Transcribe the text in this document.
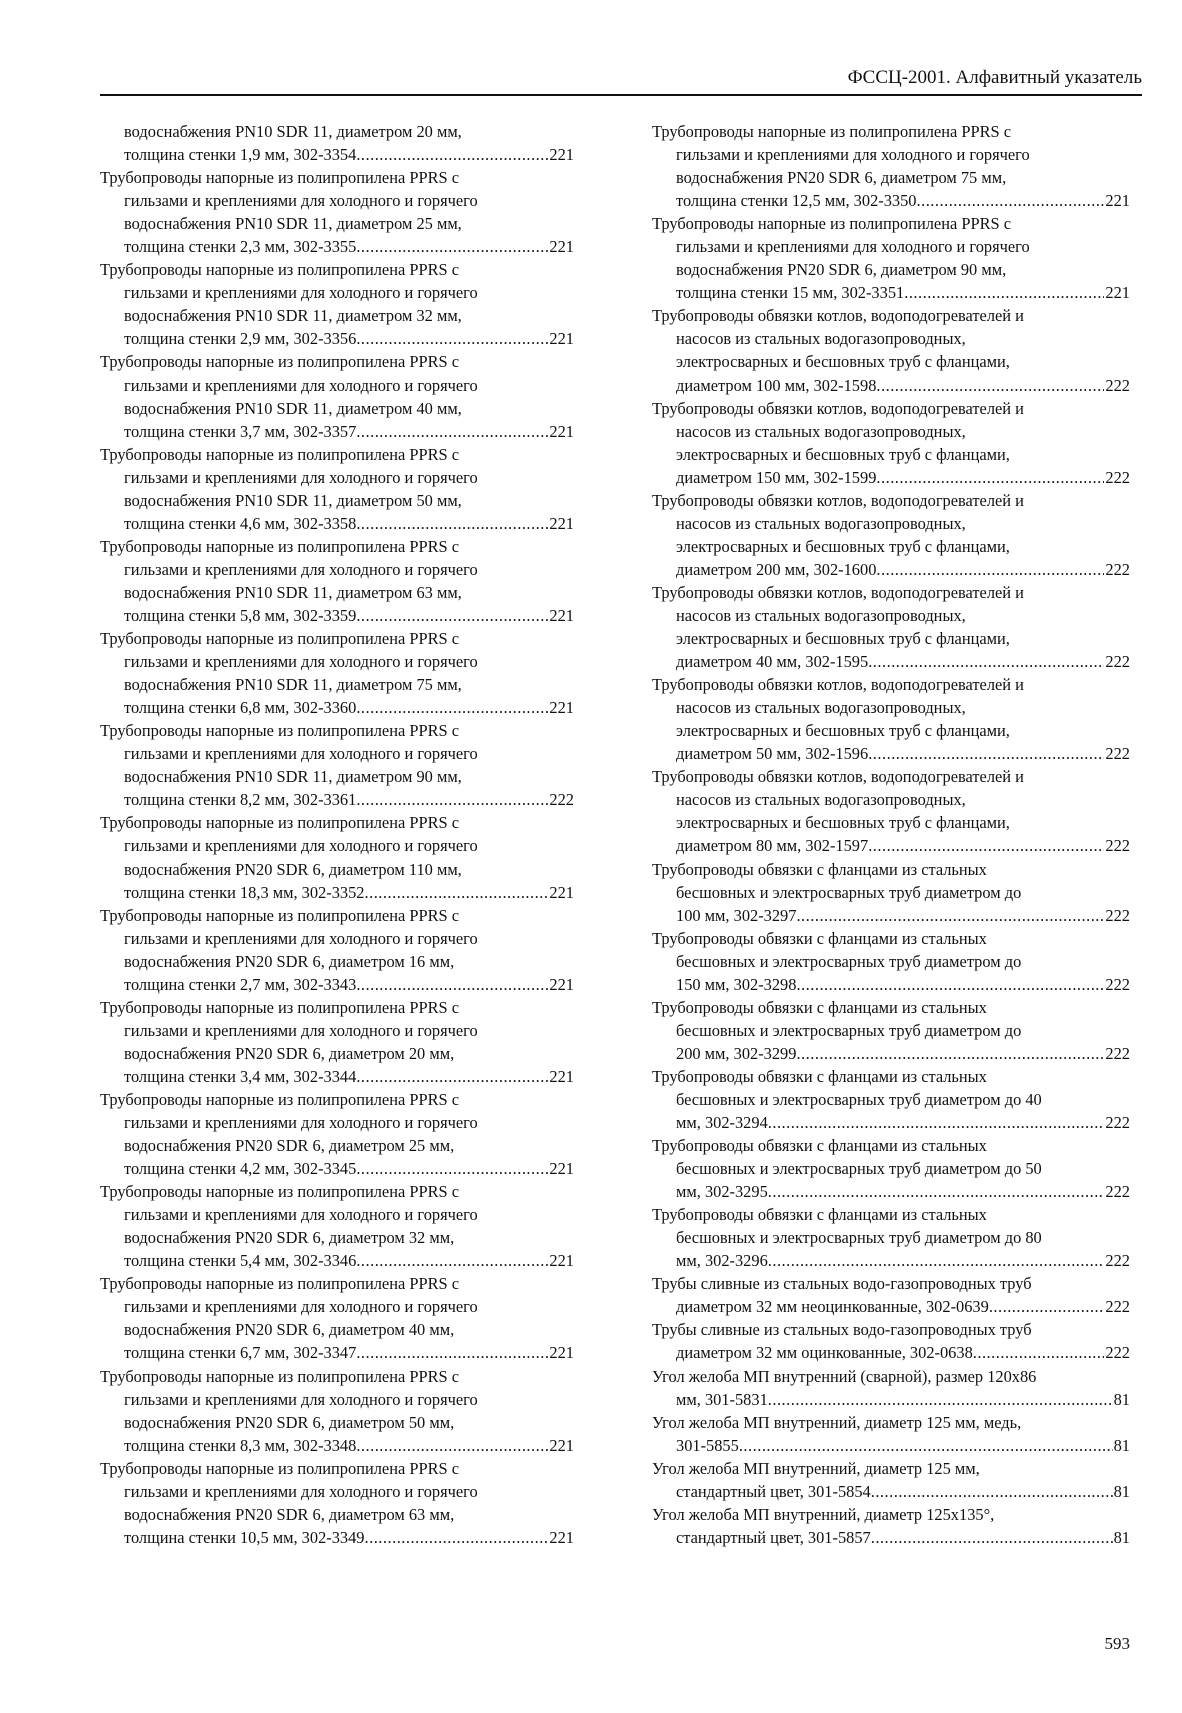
ФССЦ-2001. Алфавитный указатель
водоснабжения PN10 SDR 11, диаметром 20 мм,
толщина стенки 1,9 мм, 302-3354 .....	221
Трубопроводы напорные из полипропилена PPRS с
гильзами и креплениями для холодного и горячего
водоснабжения PN10 SDR 11, диаметром 25 мм,
толщина стенки 2,3 мм, 302-3355 .....	221
Трубопроводы напорные из полипропилена PPRS с
гильзами и креплениями для холодного и горячего
водоснабжения PN10 SDR 11, диаметром 32 мм,
толщина стенки 2,9 мм, 302-3356 .....	221
Трубопроводы напорные из полипропилена PPRS с
гильзами и креплениями для холодного и горячего
водоснабжения PN10 SDR 11, диаметром 40 мм,
толщина стенки 3,7 мм, 302-3357 .....	221
Трубопроводы напорные из полипропилена PPRS с
гильзами и креплениями для холодного и горячего
водоснабжения PN10 SDR 11, диаметром 50 мм,
толщина стенки 4,6 мм, 302-3358 .....	221
Трубопроводы напорные из полипропилена PPRS с
гильзами и креплениями для холодного и горячего
водоснабжения PN10 SDR 11, диаметром 63 мм,
толщина стенки 5,8 мм, 302-3359 .....	221
Трубопроводы напорные из полипропилена PPRS с
гильзами и креплениями для холодного и горячего
водоснабжения PN10 SDR 11, диаметром 75 мм,
толщина стенки 6,8 мм, 302-3360 .....	221
Трубопроводы напорные из полипропилена PPRS с
гильзами и креплениями для холодного и горячего
водоснабжения PN10 SDR 11, диаметром 90 мм,
толщина стенки 8,2 мм, 302-3361 .....	222
Трубопроводы напорные из полипропилена PPRS с
гильзами и креплениями для холодного и горячего
водоснабжения PN20 SDR 6, диаметром 110 мм,
толщина стенки 18,3 мм, 302-3352 .....	221
Трубопроводы напорные из полипропилена PPRS с
гильзами и креплениями для холодного и горячего
водоснабжения PN20 SDR 6, диаметром 16 мм,
толщина стенки 2,7 мм, 302-3343 .....	221
Трубопроводы напорные из полипропилена PPRS с
гильзами и креплениями для холодного и горячего
водоснабжения PN20 SDR 6, диаметром 20 мм,
толщина стенки 3,4 мм, 302-3344 .....	221
Трубопроводы напорные из полипропилена PPRS с
гильзами и креплениями для холодного и горячего
водоснабжения PN20 SDR 6, диаметром 25 мм,
толщина стенки 4,2 мм, 302-3345 .....	221
Трубопроводы напорные из полипропилена PPRS с
гильзами и креплениями для холодного и горячего
водоснабжения PN20 SDR 6, диаметром 32 мм,
толщина стенки 5,4 мм, 302-3346 .....	221
Трубопроводы напорные из полипропилена PPRS с
гильзами и креплениями для холодного и горячего
водоснабжения PN20 SDR 6, диаметром 40 мм,
толщина стенки 6,7 мм, 302-3347 .....	221
Трубопроводы напорные из полипропилена PPRS с
гильзами и креплениями для холодного и горячего
водоснабжения PN20 SDR 6, диаметром 50 мм,
толщина стенки 8,3 мм, 302-3348 .....	221
Трубопроводы напорные из полипропилена PPRS с
гильзами и креплениями для холодного и горячего
водоснабжения PN20 SDR 6, диаметром 63 мм,
толщина стенки 10,5 мм, 302-3349 .....	221
Трубопроводы напорные из полипропилена PPRS с
гильзами и креплениями для холодного и горячего
водоснабжения PN20 SDR 6, диаметром 75 мм,
толщина стенки 12,5 мм, 302-3350 .....	221
Трубопроводы напорные из полипропилена PPRS с
гильзами и креплениями для холодного и горячего
водоснабжения PN20 SDR 6, диаметром 90 мм,
толщина стенки 15 мм, 302-3351 .....	221
Трубопроводы обвязки котлов, водоподогревателей и
насосов из стальных водогазопроводных,
электросварных и бесшовных труб с фланцами,
диаметром 100 мм, 302-1598 .....	222
Трубопроводы обвязки котлов, водоподогревателей и
насосов из стальных водогазопроводных,
электросварных и бесшовных труб с фланцами,
диаметром 150 мм, 302-1599 .....	222
Трубопроводы обвязки котлов, водоподогревателей и
насосов из стальных водогазопроводных,
электросварных и бесшовных труб с фланцами,
диаметром 200 мм, 302-1600 .....	222
Трубопроводы обвязки котлов, водоподогревателей и
насосов из стальных водогазопроводных,
электросварных и бесшовных труб с фланцами,
диаметром 40 мм, 302-1595 .....	222
Трубопроводы обвязки котлов, водоподогревателей и
насосов из стальных водогазопроводных,
электросварных и бесшовных труб с фланцами,
диаметром 50 мм, 302-1596 .....	222
Трубопроводы обвязки котлов, водоподогревателей и
насосов из стальных водогазопроводных,
электросварных и бесшовных труб с фланцами,
диаметром 80 мм, 302-1597 .....	222
Трубопроводы обвязки с фланцами из стальных
бесшовных и электросварных труб диаметром до
100 мм, 302-3297 .....	222
Трубопроводы обвязки с фланцами из стальных
бесшовных и электросварных труб диаметром до
150 мм, 302-3298 .....	222
Трубопроводы обвязки с фланцами из стальных
бесшовных и электросварных труб диаметром до
200 мм, 302-3299 .....	222
Трубопроводы обвязки с фланцами из стальных
бесшовных и электросварных труб диаметром до 40
мм, 302-3294 .....	222
Трубопроводы обвязки с фланцами из стальных
бесшовных и электросварных труб диаметром до 50
мм, 302-3295 .....	222
Трубопроводы обвязки с фланцами из стальных
бесшовных и электросварных труб диаметром до 80
мм, 302-3296 .....	222
Трубы сливные из стальных водо-газопроводных труб
диаметром 32 мм неоцинкованные, 302-0639 .....	222
Трубы сливные из стальных водо-газопроводных труб
диаметром 32 мм оцинкованные, 302-0638 .....	222
Угол желоба МП внутренний (сварной), размер 120х86
мм, 301-5831 .....	81
Угол желоба МП внутренний, диаметр 125 мм, медь,
301-5855 .....	81
Угол желоба МП внутренний, диаметр 125 мм,
стандартный цвет, 301-5854 .....	81
Угол желоба МП внутренний, диаметр 125х135°,
стандартный цвет, 301-5857 .....	81
593
